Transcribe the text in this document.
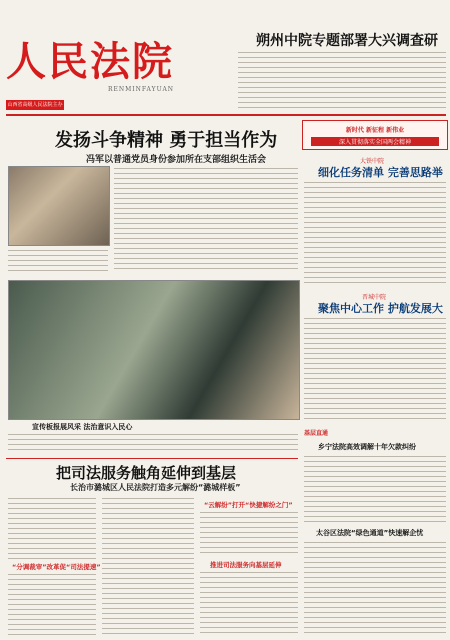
人民法院
RENMINFAYUAN
山西省高级人民法院主办
朔州中院专题部署大兴调查研
发扬斗争精神 勇于担当作为
冯军以普通党员身份参加所在支部组织生活会
宣传板报展风采 法治意识入民心
新时代 新征程 新伟业
深入贯彻落实全国两会精神
大铁中院
细化任务清单 完善思路举
晋城中院
聚焦中心工作 护航发展大
把司法服务触角延伸到基层
长治市潞城区人民法院打造多元解纷“潞城样板”
“分调裁审”改革促“司法提速”
“云解纷”打开“快捷解纷之门”
推进司法服务向基层延伸
基层直通
乡宁法院高效调解十年欠款纠纷
太谷区法院“绿色通道”快速解企忧
